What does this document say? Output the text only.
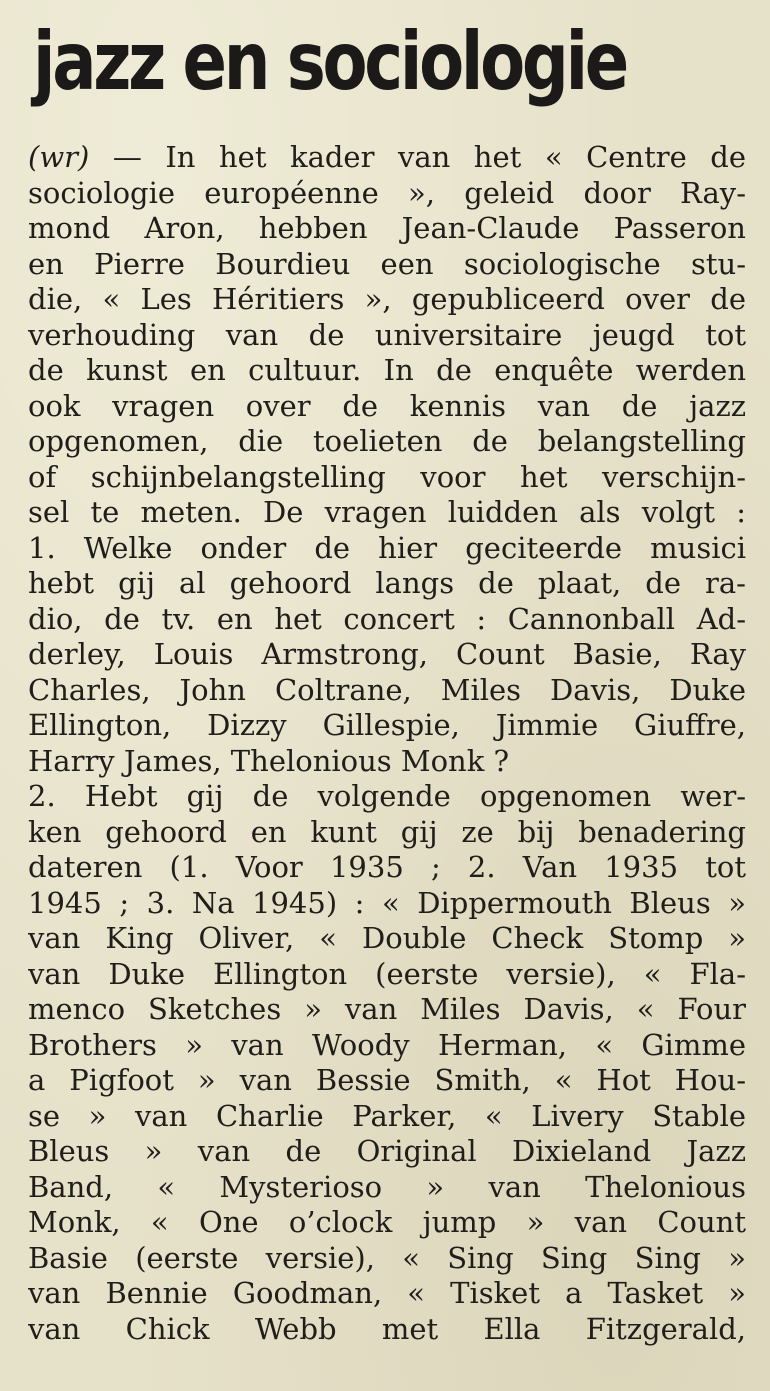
jazz en sociologie
(wr) — In het kader van het « Centre de
sociologie européenne », geleid door Ray-
mond Aron, hebben Jean-Claude Passeron
en Pierre Bourdieu een sociologische stu-
die, « Les Héritiers », gepubliceerd over de
verhouding van de universitaire jeugd tot
de kunst en cultuur. In de enquête werden
ook vragen over de kennis van de jazz
opgenomen, die toelieten de belangstelling
of schijnbelangstelling voor het verschijn-
sel te meten. De vragen luidden als volgt :
1. Welke onder de hier geciteerde musici
hebt gij al gehoord langs de plaat, de ra-
dio, de tv. en het concert : Cannonball Ad-
derley, Louis Armstrong, Count Basie, Ray
Charles, John Coltrane, Miles Davis, Duke
Ellington, Dizzy Gillespie, Jimmie Giuffre,
Harry James, Thelonious Monk ?
2. Hebt gij de volgende opgenomen wer-
ken gehoord en kunt gij ze bij benadering
dateren (1. Voor 1935 ; 2. Van 1935 tot
1945 ; 3. Na 1945) : « Dippermouth Bleus »
van King Oliver, « Double Check Stomp »
van Duke Ellington (eerste versie), « Fla-
menco Sketches » van Miles Davis, « Four
Brothers » van Woody Herman, « Gimme
a Pigfoot » van Bessie Smith, « Hot Hou-
se » van Charlie Parker, « Livery Stable
Bleus » van de Original Dixieland Jazz
Band, « Mysterioso » van Thelonious
Monk, « One o’clock jump » van Count
Basie (eerste versie), « Sing Sing Sing »
van Bennie Goodman, « Tisket a Tasket »
van Chick Webb met Ella Fitzgerald,
